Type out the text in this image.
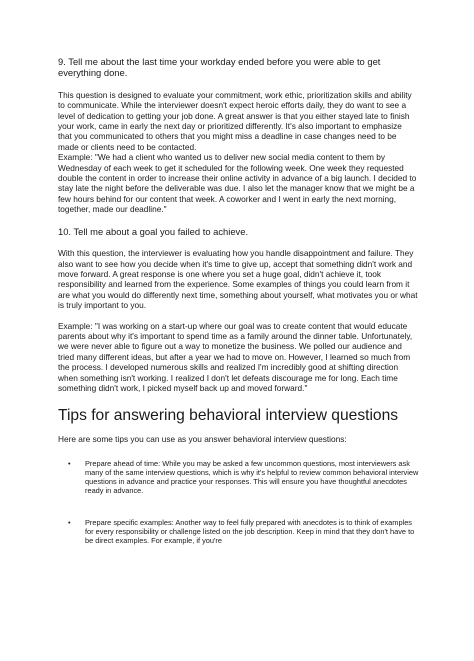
9. Tell me about the last time your workday ended before you were able to get everything done.

This question is designed to evaluate your commitment, work ethic, prioritization skills and ability to communicate. While the interviewer doesn't expect heroic efforts daily, they do want to see a level of dedication to getting your job done. A great answer is that you either stayed late to finish your work, came in early the next day or prioritized differently. It's also important to emphasize that you communicated to others that you might miss a deadline in case changes need to be made or clients need to be contacted.

Example: "We had a client who wanted us to deliver new social media content to them by Wednesday of each week to get it scheduled for the following week. One week they requested double the content in order to increase their online activity in advance of a big launch. I decided to stay late the night before the deliverable was due. I also let the manager know that we might be a few hours behind for our content that week. A coworker and I went in early the next morning, together, made our deadline."

10. Tell me about a goal you failed to achieve.

With this question, the interviewer is evaluating how you handle disappointment and failure. They also want to see how you decide when it's time to give up, accept that something didn't work and move forward. A great response is one where you set a huge goal, didn't achieve it, took responsibility and learned from the experience. Some examples of things you could learn from it are what you would do differently next time, something about yourself, what motivates you or what is truly important to you.

Example: "I was working on a start-up where our goal was to create content that would educate parents about why it's important to spend time as a family around the dinner table. Unfortunately, we were never able to figure out a way to monetize the business. We polled our audience and tried many different ideas, but after a year we had to move on. However, I learned so much from the process. I developed numerous skills and realized I'm incredibly good at shifting direction when something isn't working. I realized I don't let defeats discourage me for long. Each time something didn't work, I picked myself back up and moved forward."

Tips for answering behavioral interview questions

Here are some tips you can use as you answer behavioral interview questions:

• Prepare ahead of time: While you may be asked a few uncommon questions, most interviewers ask many of the same interview questions, which is why it's helpful to review common behavioral interview questions in advance and practice your responses. This will ensure you have thoughtful anecdotes ready in advance.
• Prepare specific examples: Another way to feel fully prepared with anecdotes is to think of examples for every responsibility or challenge listed on the job description. Keep in mind that they don't have to be direct examples. For example, if you're
